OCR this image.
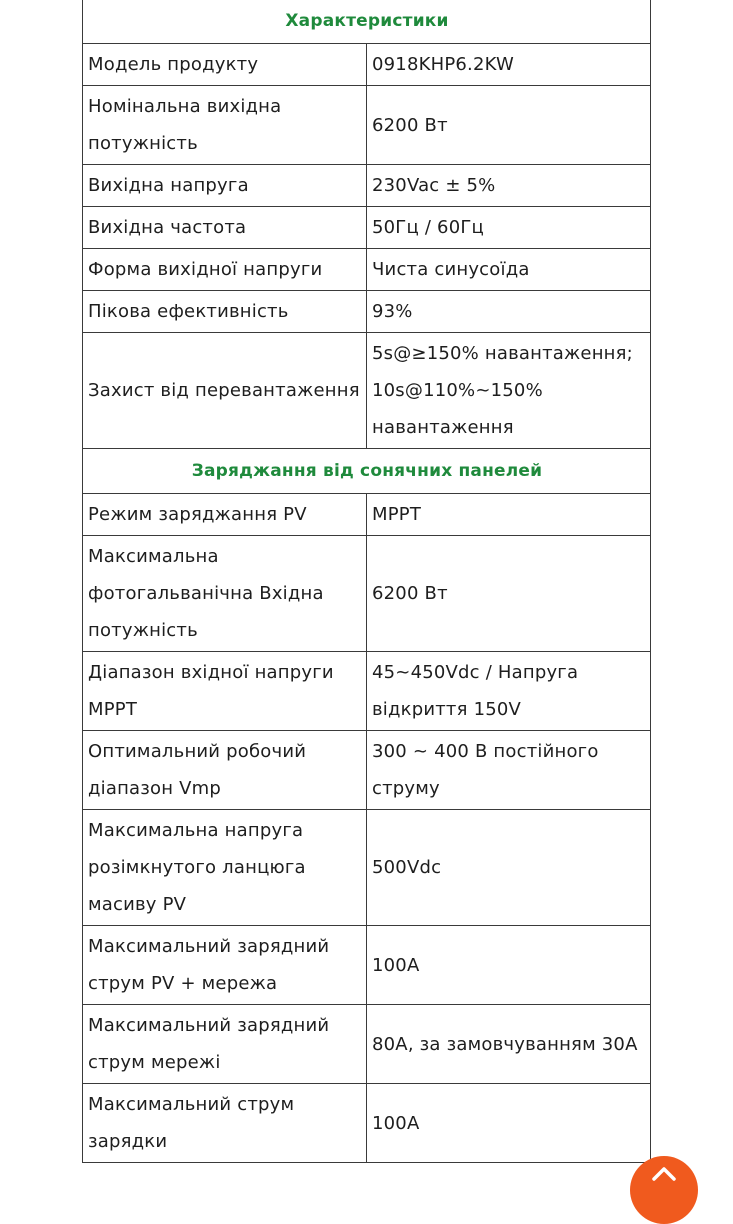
Характеристики	
Модель продукту	0918KHP6.2KW
Номінальна вихідна потужність	6200 Вт
Вихідна напруга	230Vac ± 5%
Вихідна частота	50Гц / 60Гц
Форма вихідної напруги	Чиста синусоїда
Пікова ефективність	93%
Захист від перевантаження	5s@≥150% навантаження; 10s@110%~150% навантаження
Заряджання від сонячних панелей	
Режим заряджання PV	MPPT
Максимальна фотогальванічна Вхідна потужність	6200 Вт
Діапазон вхідної напруги MPPT	45~450Vdc / Напруга відкриття 150V
Оптимальний робочий діапазон Vmp	300 ~ 400 В постійного струму
Максимальна напруга розімкнутого ланцюга масиву PV	500Vdc
Максимальний зарядний струм PV + мережа	100A
Максимальний зарядний струм мережі	80A, за замовчуванням 30A
Максимальний струм зарядки	100A
